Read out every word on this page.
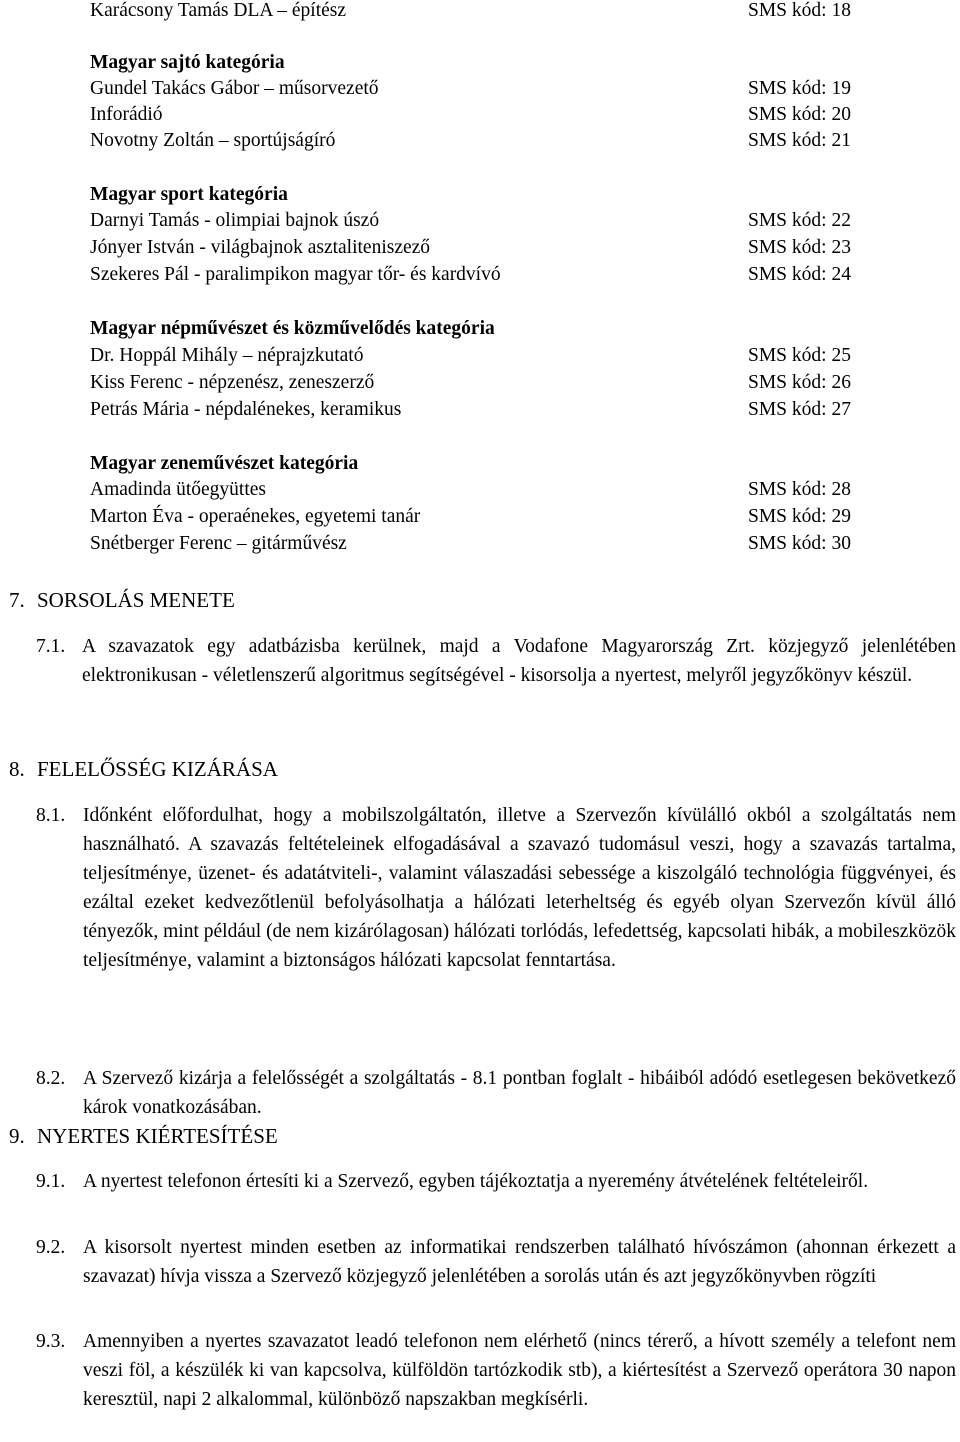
Karácsony Tamás DLA – építész	SMS kód: 18
Magyar sajtó kategória
Gundel Takács Gábor – műsorvezető	SMS kód: 19
Inforádió	SMS kód: 20
Novotny Zoltán – sportújságíró	SMS kód: 21
Magyar sport kategória
Darnyi Tamás - olimpiai bajnok úszó	SMS kód: 22
Jónyer István - világbajnok asztaliteniszező	SMS kód: 23
Szekeres Pál - paralimpikon magyar tőr- és kardvívó	SMS kód: 24
Magyar népművészet és közművelődés kategória
Dr. Hoppál Mihály – néprajzkutató	SMS kód: 25
Kiss Ferenc - népzenész, zeneszerző	SMS kód: 26
Petrás Mária - népdalénekes, keramikus	SMS kód: 27
Magyar zeneművészet kategória
Amadinda ütőegyüttes	SMS kód: 28
Marton Éva - operaénekes, egyetemi tanár	SMS kód: 29
Snétberger Ferenc – gitárművész	SMS kód: 30
7. SORSOLÁS MENETE
7.1. A szavazatok egy adatbázisba kerülnek, majd a Vodafone Magyarország Zrt. közjegyző jelenlétében elektronikusan - véletlenszerű algoritmus segítségével - kisorsolja a nyertest, melyről jegyzőkönyv készül.
8. FELELŐSSÉG KIZÁRÁSA
8.1. Időnként előfordulhat, hogy a mobilszolgáltatón, illetve a Szervezőn kívülálló okból a szolgáltatás nem használható. A szavazás feltételeinek elfogadásával a szavazó tudomásul veszi, hogy a szavazás tartalma, teljesítménye, üzenet- és adatátviteli-, valamint válaszadási sebessége a kiszolgáló technológia függvényei, és ezáltal ezeket kedvezőtlenül befolyásolhatja a hálózati leterheltség és egyéb olyan Szervezőn kívül álló tényezők, mint például (de nem kizárólagosan) hálózati torlódás, lefedettség, kapcsolati hibák, a mobileszközök teljesítménye, valamint a biztonságos hálózati kapcsolat fenntartása.
8.2. A Szervező kizárja a felelősségét a szolgáltatás - 8.1 pontban foglalt - hibáiból adódó esetlegesen bekövetkező károk vonatkozásában.
9. NYERTES KIÉRTESÍTÉSE
9.1. A nyertest telefonon értesíti ki a Szervező, egyben tájékoztatja a nyeremény átvételének feltételeiről.
9.2. A kisorsolt nyertest minden esetben az informatikai rendszerben található hívószámon (ahonnan érkezett a szavazat) hívja vissza a Szervező közjegyző jelenlétében a sorolás után és azt jegyzőkönyvben rögzíti
9.3. Amennyiben a nyertes szavazatot leadó telefonon nem elérhető (nincs térerő, a hívott személy a telefont nem veszi föl, a készülék ki van kapcsolva, külföldön tartózkodik stb), a kiértesítést a Szervező operátora 30 napon keresztül, napi 2 alkalommal, különböző napszakban megkísérli.
